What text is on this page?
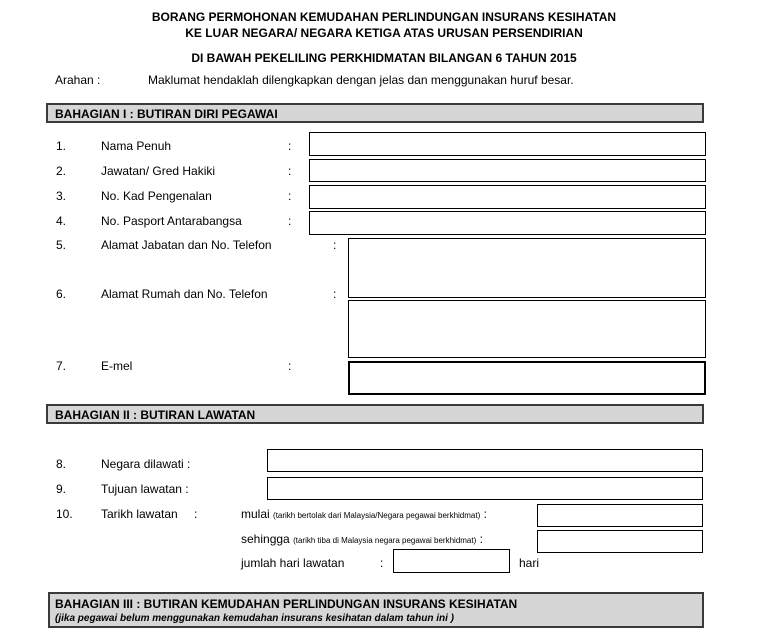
BORANG PERMOHONAN KEMUDAHAN PERLINDUNGAN INSURANS KESIHATAN
KE LUAR NEGARA/ NEGARA KETIGA ATAS URUSAN PERSENDIRIAN
DI BAWAH PEKELILING PERKHIDMATAN BILANGAN 6 TAHUN 2015
Arahan :	Maklumat hendaklah dilengkapkan dengan jelas dan menggunakan huruf besar.
BAHAGIAN I : BUTIRAN DIRI PEGAWAI
1.	Nama Penuh	:
2.	Jawatan/ Gred Hakiki	:
3.	No. Kad Pengenalan	:
4.	No. Pasport Antarabangsa	:
5.	Alamat Jabatan dan No. Telefon	:
6.	Alamat Rumah dan No. Telefon	:
7.	E-mel	:
BAHAGIAN II : BUTIRAN LAWATAN
8.	Negara dilawati :
9.	Tujuan lawatan :
10. Tarikh lawatan :	mulai (tarikh bertolak dari Malaysia/Negara pegawai berkhidmat) :
sehingga (tarikh tiba di Malaysia negara pegawai berkhidmat) :
jumlah hari lawatan	:	hari
BAHAGIAN III : BUTIRAN KEMUDAHAN PERLINDUNGAN INSURANS KESIHATAN
(jika pegawai belum menggunakan kemudahan insurans kesihatan dalam tahun ini )
